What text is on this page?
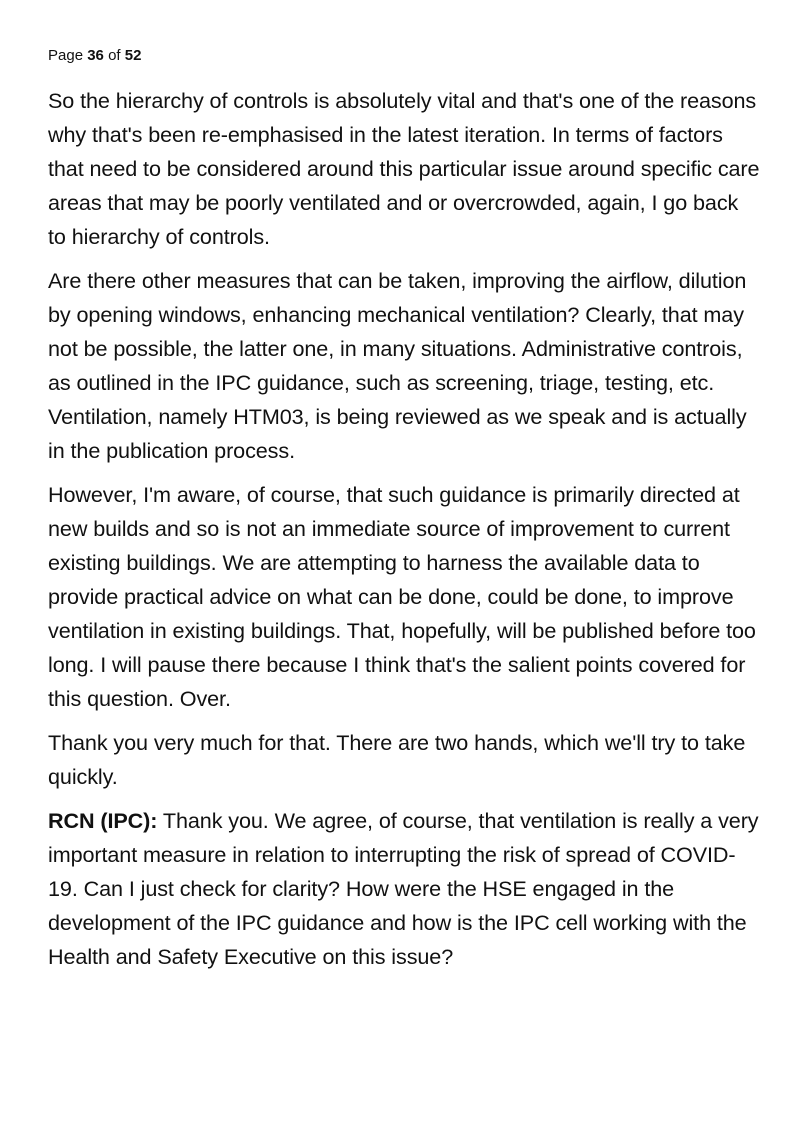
Page 36 of 52

So the hierarchy of controls is absolutely vital and that's one of the reasons why that's been re-emphasised in the latest iteration. In terms of factors that need to be considered around this particular issue around specific care areas that may be poorly ventilated and or overcrowded, again, I go back to hierarchy of controls.

Are there other measures that can be taken, improving the airflow, dilution by opening windows, enhancing mechanical ventilation? Clearly, that may not be possible, the latter one, in many situations. Administrative controis, as outlined in the IPC guidance, such as screening, triage, testing, etc. Ventilation, namely HTM03, is being reviewed as we speak and is actually in the publication process.

However, I'm aware, of course, that such guidance is primarily directed at new builds and so is not an immediate source of improvement to current existing buildings. We are attempting to harness the available data to provide practical advice on what can be done, could be done, to improve ventilation in existing buildings. That, hopefully, will be published before too long. I will pause there because I think that's the salient points covered for this question. Over.

Thank you very much for that. There are two hands, which we'll try to take quickly.

RCN (IPC): Thank you. We agree, of course, that ventilation is really a very important measure in relation to interrupting the risk of spread of COVID-19. Can I just check for clarity? How were the HSE engaged in the development of the IPC guidance and how is the IPC cell working with the Health and Safety Executive on this issue?
